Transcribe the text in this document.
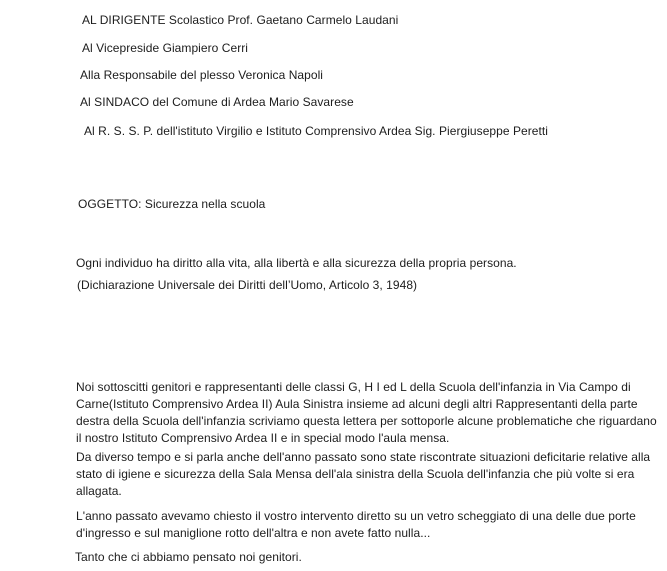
AL DIRIGENTE Scolastico Prof. Gaetano Carmelo Laudani
Al Vicepreside Giampiero Cerri
Alla Responsabile del plesso Veronica Napoli
Al SINDACO del Comune di Ardea Mario Savarese
Al R. S. S. P. dell'istituto Virgilio e Istituto Comprensivo Ardea Sig. Piergiuseppe Peretti
OGGETTO: Sicurezza nella scuola
Ogni individuo ha diritto alla vita, alla libertà e alla sicurezza della propria persona.
(Dichiarazione Universale dei Diritti dell’Uomo, Articolo 3, 1948)
Noi sottoscitti genitori e rappresentanti delle classi G, H I ed L della Scuola dell'infanzia in Via Campo di
Carne(Istituto Comprensivo Ardea II) Aula Sinistra insieme ad alcuni degli altri Rappresentanti della parte
destra della Scuola dell'infanzia scriviamo questa lettera per sottoporle alcune problematiche che riguardano
il nostro Istituto Comprensivo Ardea II e in special modo l'aula mensa.
Da diverso tempo e si parla anche dell'anno passato sono state riscontrate situazioni deficitarie relative alla
stato di igiene e sicurezza della Sala Mensa dell'ala sinistra della Scuola dell'infanzia che più volte si era
allagata.
L'anno passato avevamo chiesto il vostro intervento diretto su un vetro scheggiato di una delle due porte
d'ingresso e sul maniglione rotto dell'altra e non avete fatto nulla...
Tanto che ci abbiamo pensato noi genitori.
